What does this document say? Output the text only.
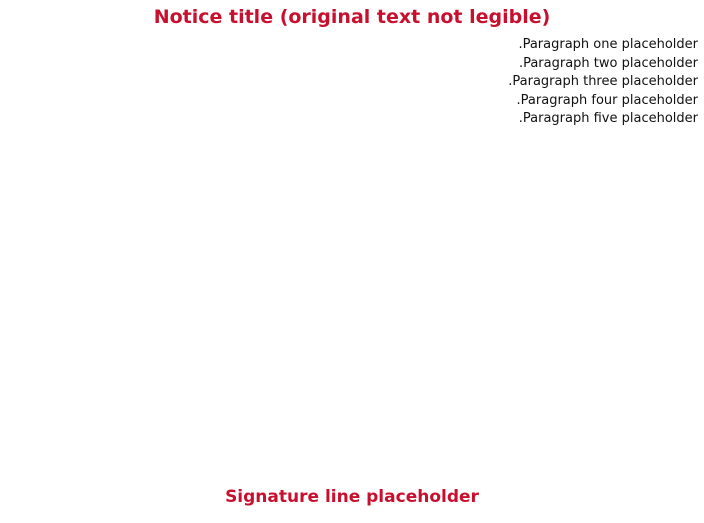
Notice title (original text not legible)
Paragraph one placeholder.
Paragraph two placeholder.
Paragraph three placeholder.
Paragraph four placeholder.
Paragraph five placeholder.
Signature line placeholder
